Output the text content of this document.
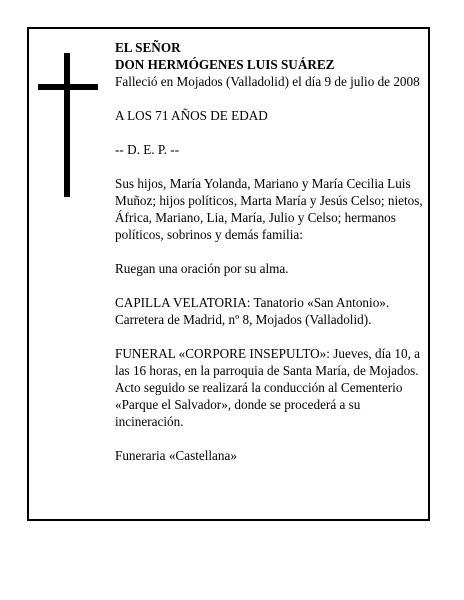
EL SEÑOR

DON HERMÓGENES LUIS SUÁREZ

Falleció en Mojados (Valladolid) el día 9 de julio de 2008

A LOS 71 AÑOS DE EDAD

-- D. E. P. --

Sus hijos, María Yolanda, Mariano y María Cecilia Luis Muñoz; hijos políticos, Marta María y Jesús Celso; nietos, África, Mariano, Lia, María, Julio y Celso; hermanos políticos, sobrinos y demás familia:

Ruegan una oración por su alma.

CAPILLA VELATORIA: Tanatorio «San Antonio». Carretera de Madrid, nº 8, Mojados (Valladolid).

FUNERAL «CORPORE INSEPULTO»: Jueves, día 10, a las 16 horas, en la parroquia de Santa María, de Mojados. Acto seguido se realizará la conducción al Cementerio «Parque el Salvador», donde se procederá a su incineración.

Funeraria «Castellana»
